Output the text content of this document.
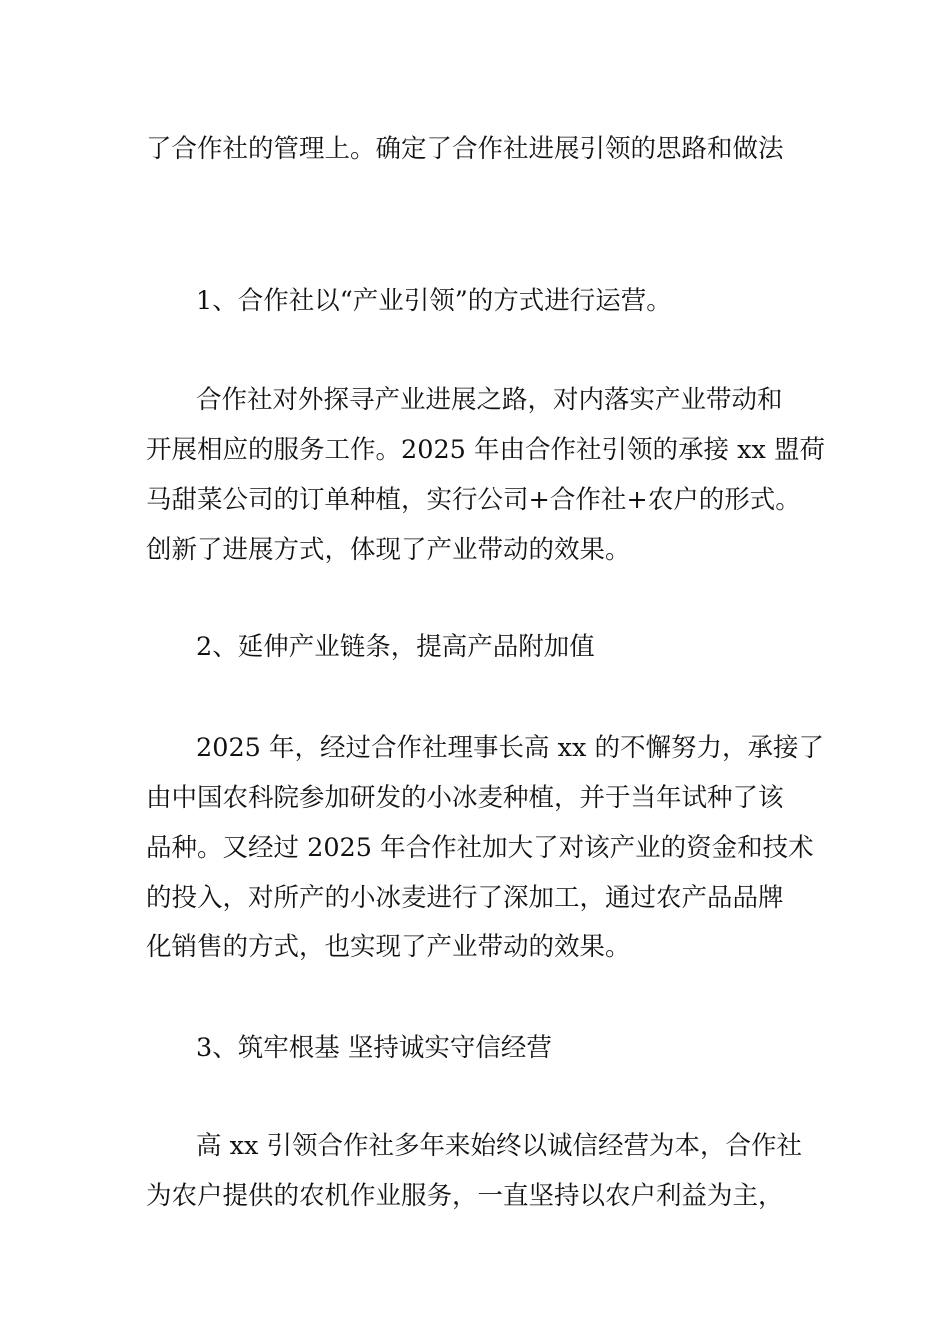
了合作社的管理上。确定了合作社进展引领的思路和做法
1、合作社以“产业引领”的方式进行运营。
合作社对外探寻产业进展之路，对内落实产业带动和
开展相应的服务工作。2025 年由合作社引领的承接 xx 盟荷
马甜菜公司的订单种植，实行公司+合作社+农户的形式。
创新了进展方式，体现了产业带动的效果。
2、延伸产业链条，提高产品附加值
2025 年，经过合作社理事长高 xx 的不懈努力，承接了
由中国农科院参加研发的小冰麦种植，并于当年试种了该
品种。又经过 2025 年合作社加大了对该产业的资金和技术
的投入，对所产的小冰麦进行了深加工，通过农产品品牌
化销售的方式，也实现了产业带动的效果。
3、筑牢根基 坚持诚实守信经营
高 xx 引领合作社多年来始终以诚信经营为本，合作社
为农户提供的农机作业服务，一直坚持以农户利益为主，
